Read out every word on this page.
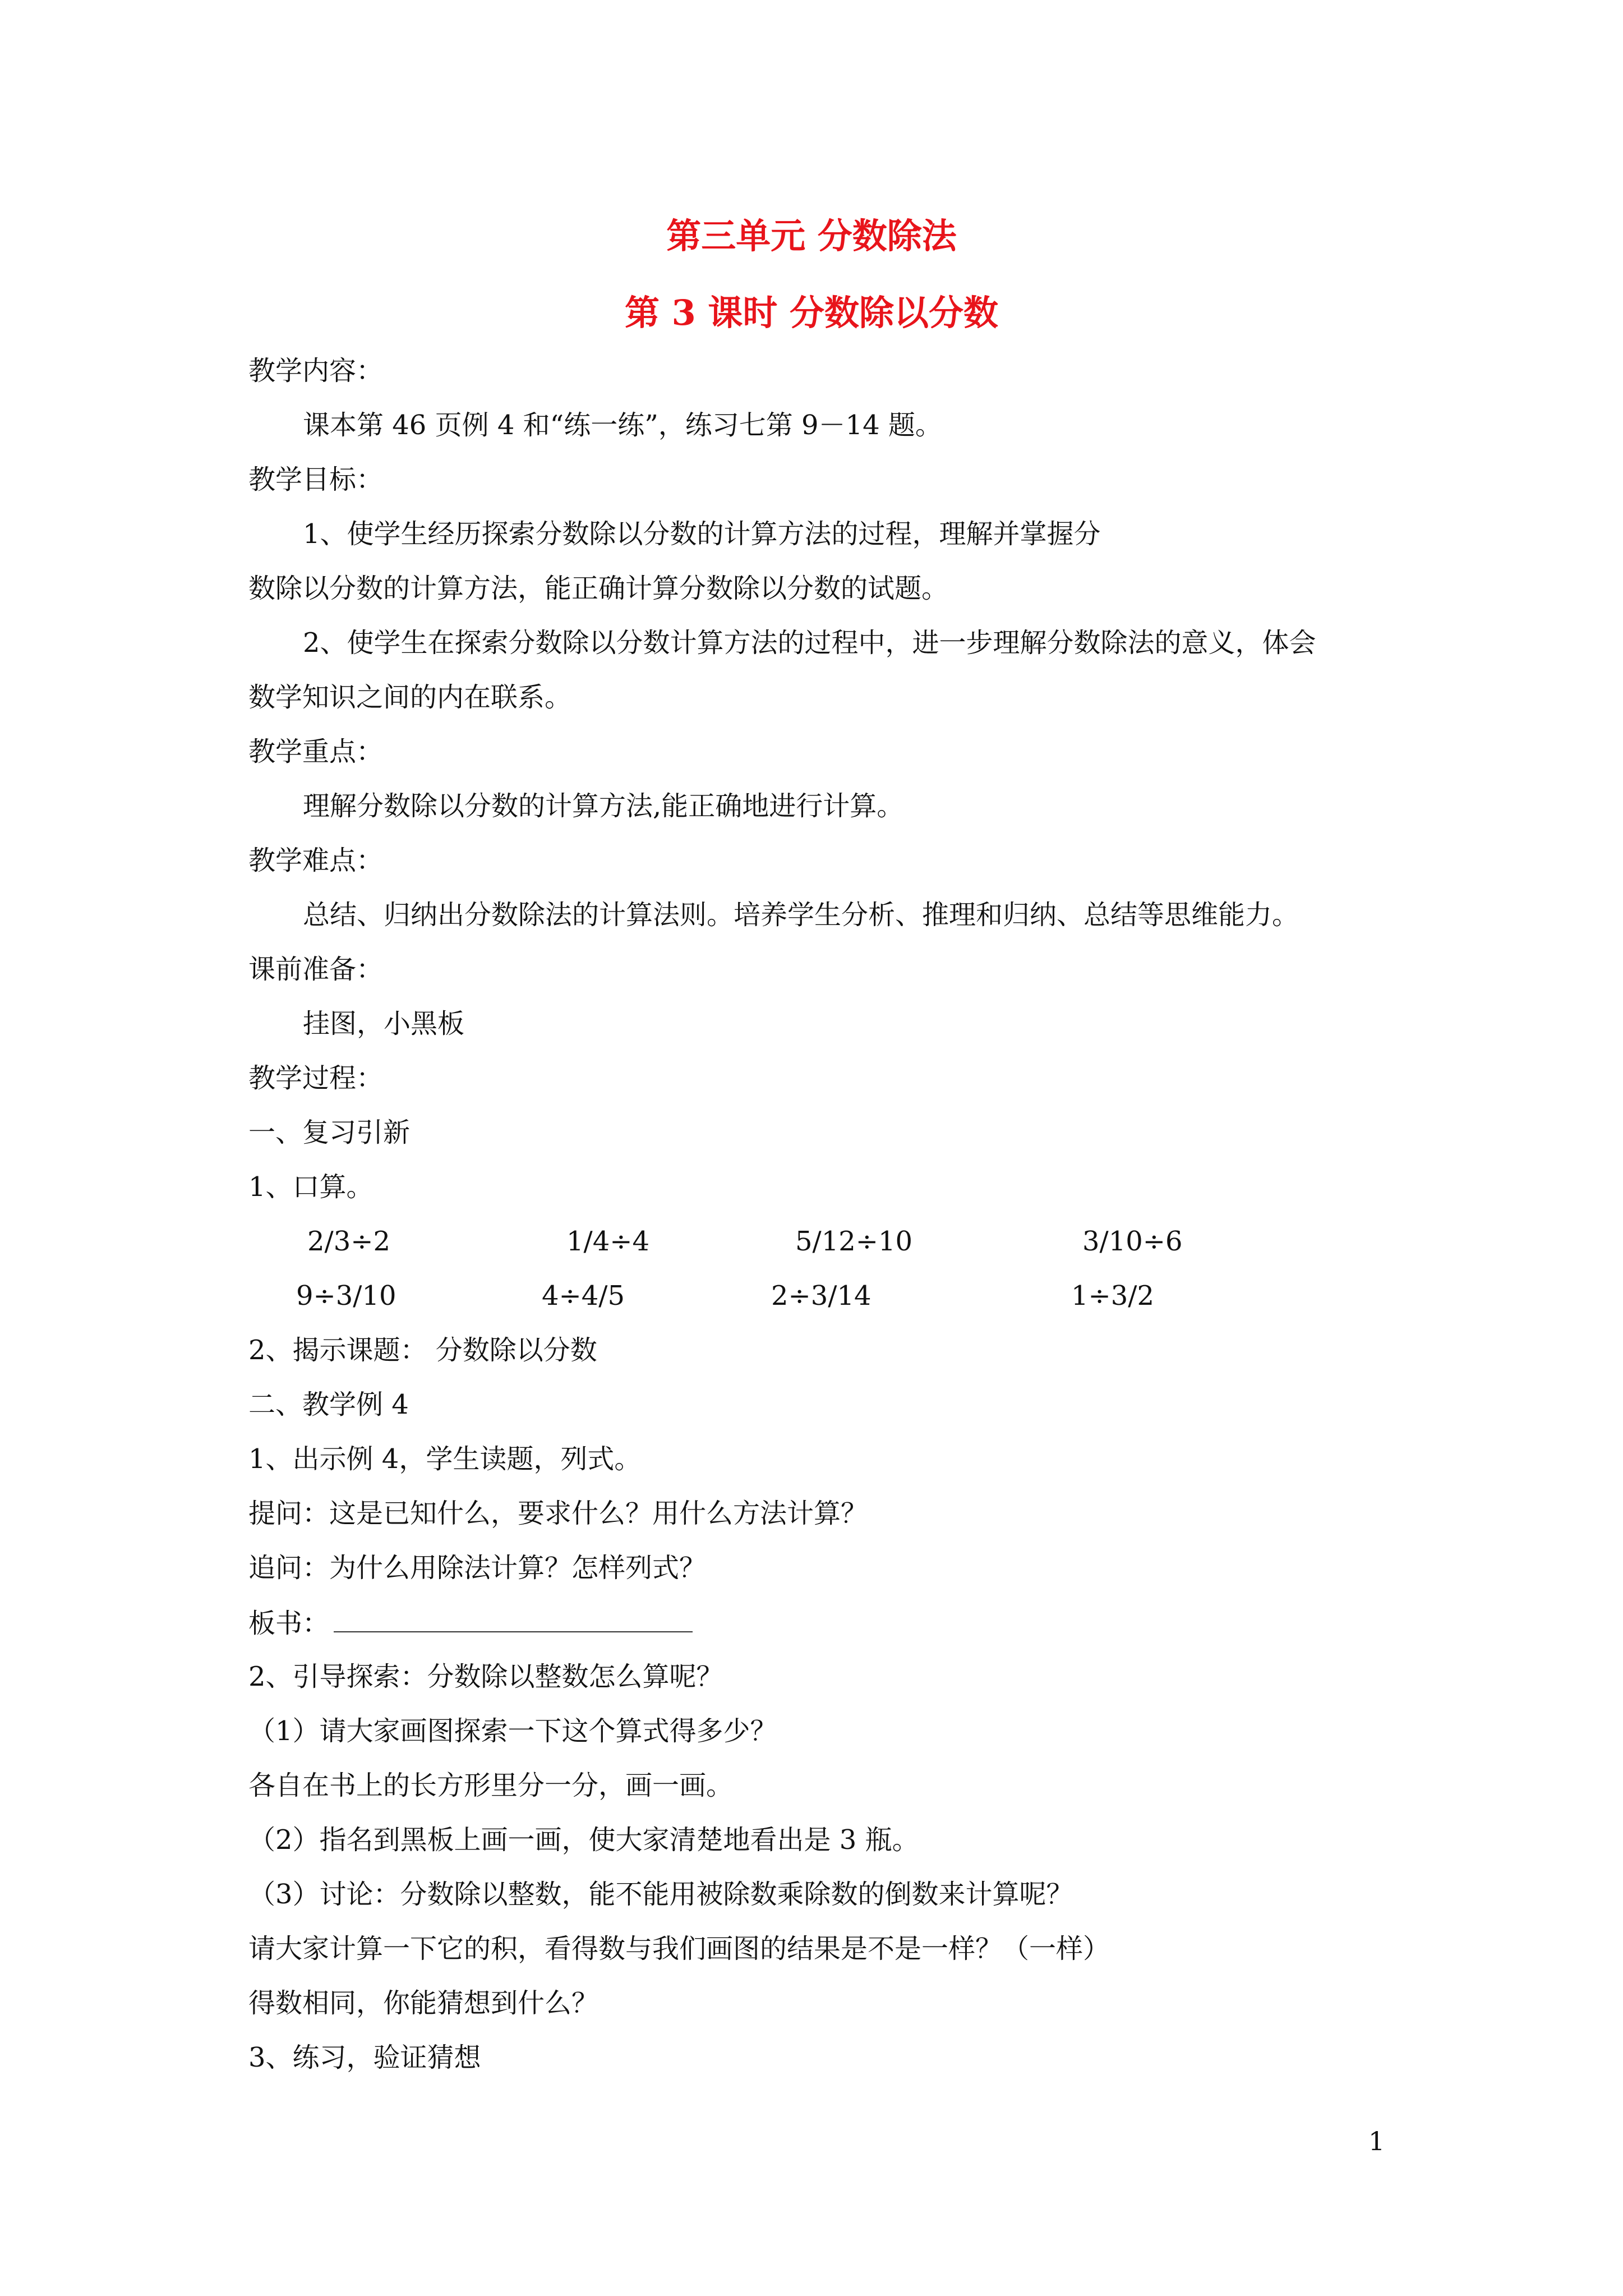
第三单元 分数除法
第 3 课时 分数除以分数
教学内容：
课本第 46 页例 4 和“练一练”，练习七第 9－14 题。
教学目标：
1、使学生经历探索分数除以分数的计算方法的过程，理解并掌握分
数除以分数的计算方法，能正确计算分数除以分数的试题。
2、使学生在探索分数除以分数计算方法的过程中，进一步理解分数除法的意义，体会
数学知识之间的内在联系。
教学重点：
理解分数除以分数的计算方法,能正确地进行计算。
教学难点：
总结、归纳出分数除法的计算法则。培养学生分析、推理和归纳、总结等思维能力。
课前准备：
挂图，小黑板
教学过程：
一、复习引新
1、口算。
2/3÷2	1/4÷4	5/12÷10	3/10÷6
9÷3/10	4÷4/5	2÷3/14	1÷3/2
2、揭示课题： 分数除以分数
二、教学例 4
1、出示例 4，学生读题，列式。
提问：这是已知什么，要求什么？用什么方法计算？
追问：为什么用除法计算？怎样列式？
板书：
2、引导探索：分数除以整数怎么算呢？
（1）请大家画图探索一下这个算式得多少？
各自在书上的长方形里分一分，画一画。
（2）指名到黑板上画一画，使大家清楚地看出是 3 瓶。
（3）讨论：分数除以整数，能不能用被除数乘除数的倒数来计算呢？
请大家计算一下它的积，看得数与我们画图的结果是不是一样？（一样）
得数相同，你能猜想到什么？
3、练习，验证猜想
1
